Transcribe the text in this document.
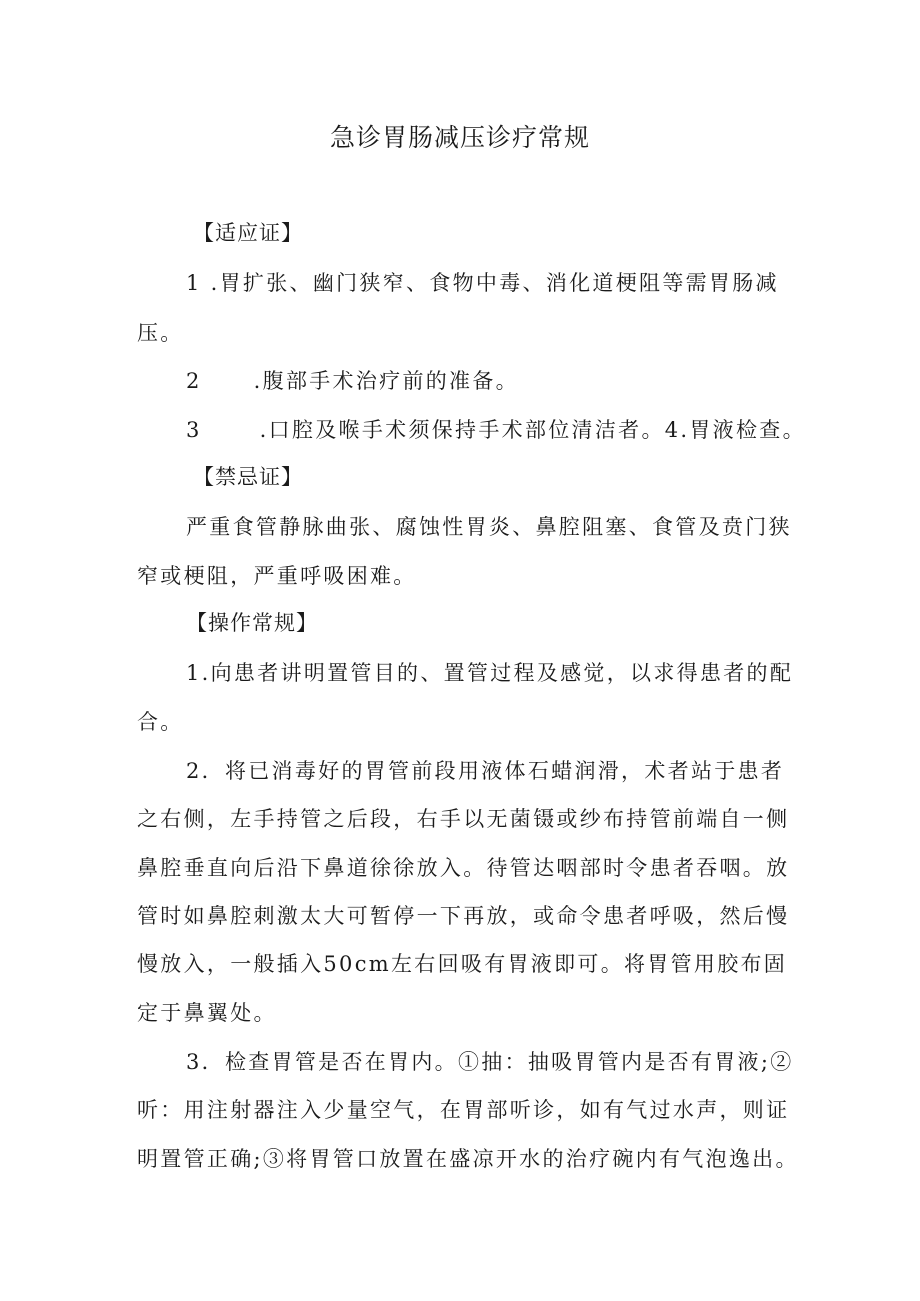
急诊胃肠减压诊疗常规
【适应证】
1 .胃扩张、幽门狭窄、食物中毒、消化道梗阻等需胃肠减
压。
2 .腹部手术治疗前的准备。
3	.口腔及喉手术须保持手术部位清洁者。4.胃液检查。
【禁忌证】
严重食管静脉曲张、腐蚀性胃炎、鼻腔阻塞、食管及贲门狭
窄或梗阻，严重呼吸困难。
【操作常规】
1.向患者讲明置管目的、置管过程及感觉，以求得患者的配
合。
2．将已消毒好的胃管前段用液体石蜡润滑，术者站于患者
之右侧，左手持管之后段，右手以无菌镊或纱布持管前端自一侧
鼻腔垂直向后沿下鼻道徐徐放入。待管达咽部时令患者吞咽。放
管时如鼻腔刺激太大可暂停一下再放，或命令患者呼吸，然后慢
慢放入，一般插入50cm左右回吸有胃液即可。将胃管用胶布固
定于鼻翼处。
3．检查胃管是否在胃内。①抽：抽吸胃管内是否有胃液;②
听：用注射器注入少量空气，在胃部听诊，如有气过水声，则证
明置管正确;③将胃管口放置在盛凉开水的治疗碗内有气泡逸出。
